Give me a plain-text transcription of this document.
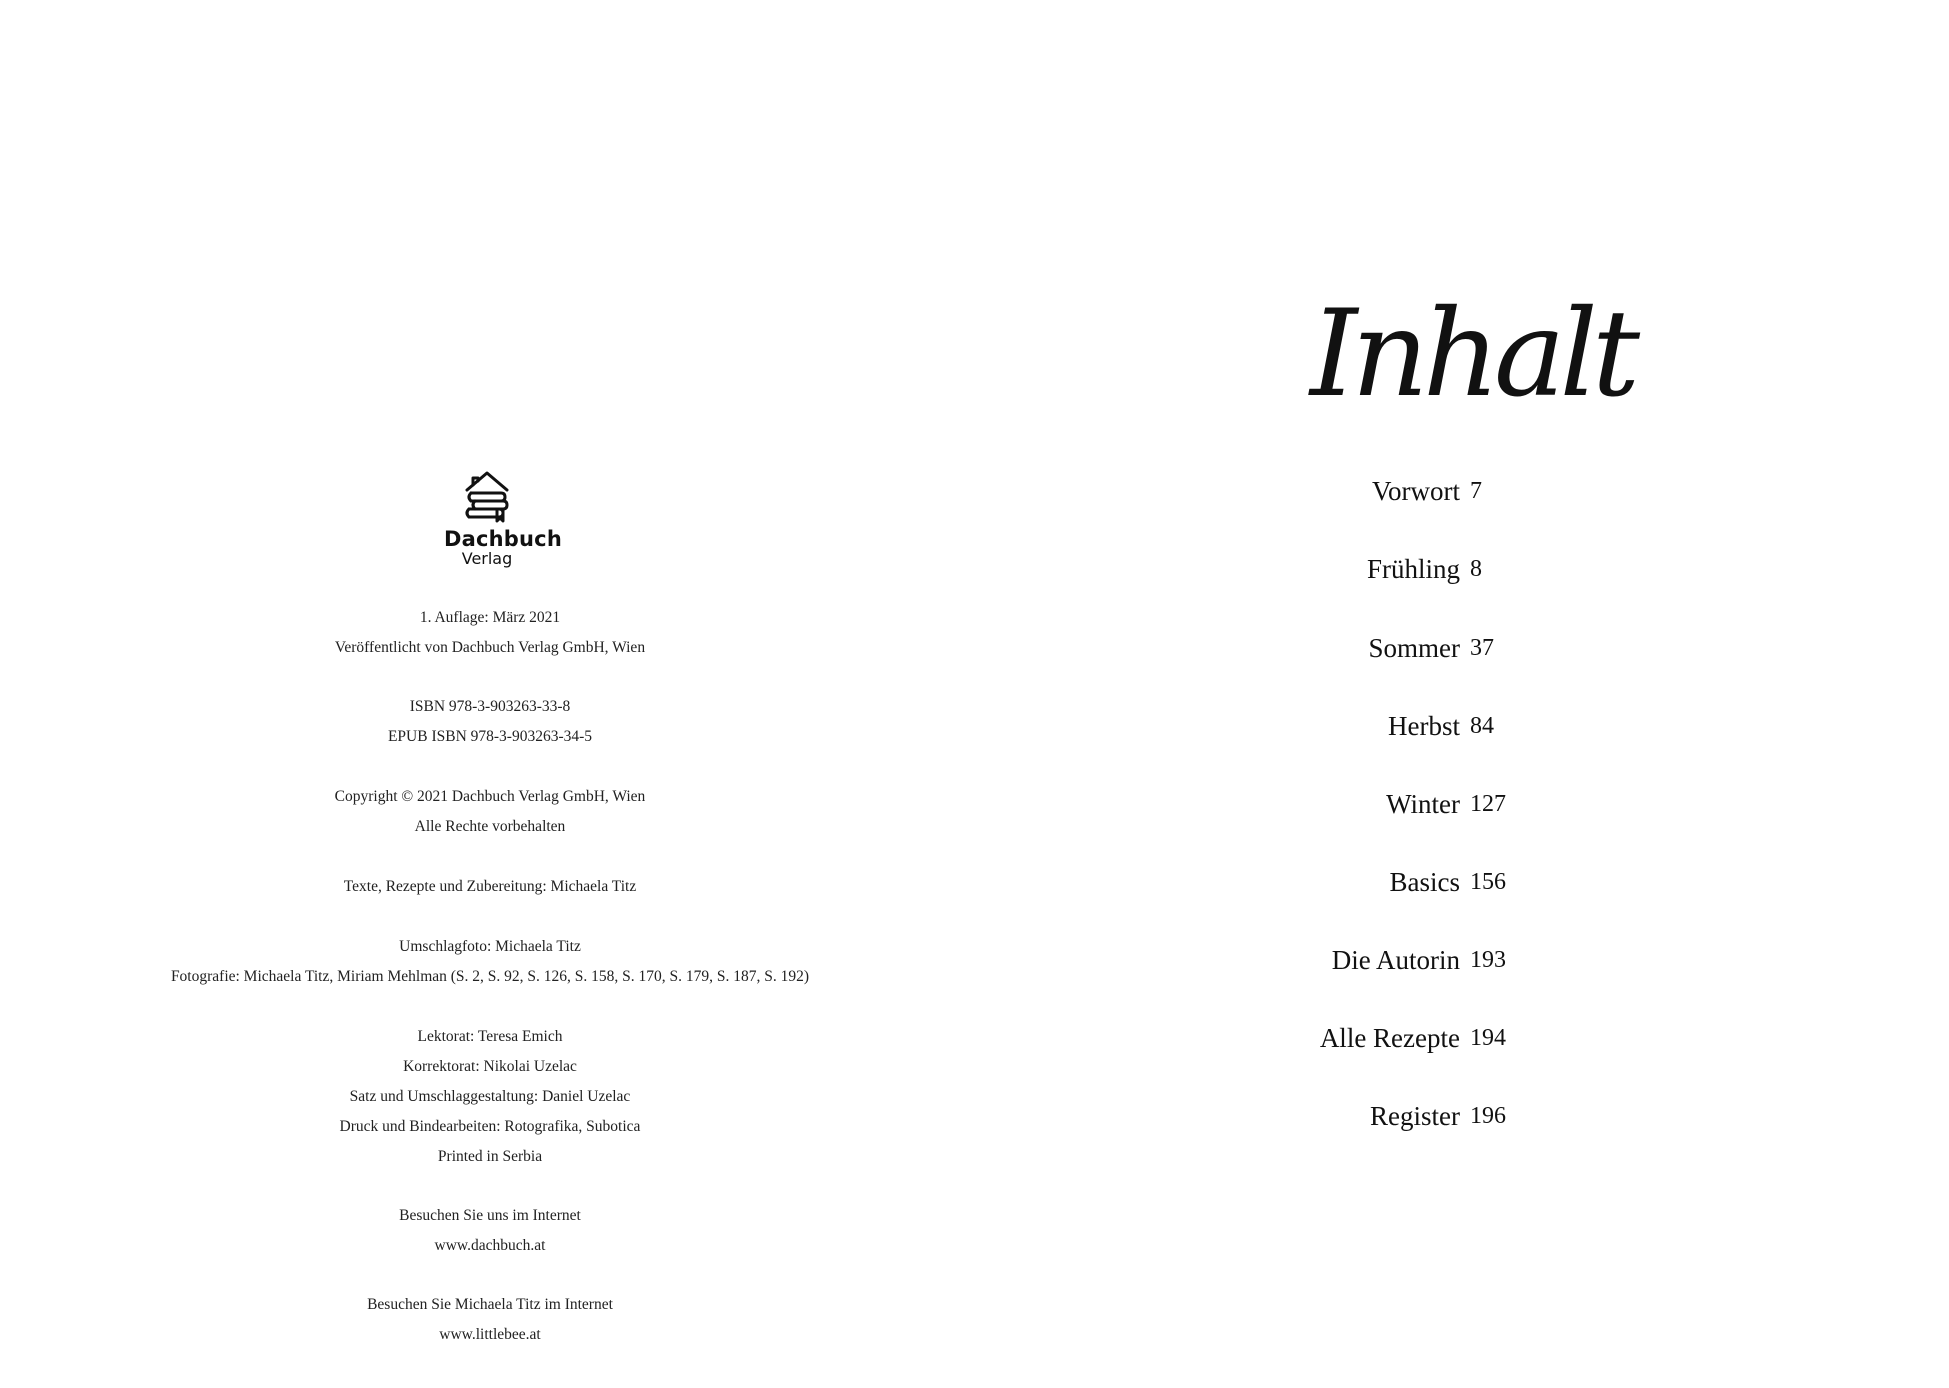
Dachbuch
Verlag
1. Auflage: März 2021
Veröffentlicht von Dachbuch Verlag GmbH, Wien
ISBN 978-3-903263-33-8
EPUB ISBN 978-3-903263-34-5
Copyright © 2021 Dachbuch Verlag GmbH, Wien
Alle Rechte vorbehalten
Texte, Rezepte und Zubereitung: Michaela Titz
Umschlagfoto: Michaela Titz
Fotografie: Michaela Titz, Miriam Mehlman (S. 2, S. 92, S. 126, S. 158, S. 170, S. 179, S. 187, S. 192)
Lektorat: Teresa Emich
Korrektorat: Nikolai Uzelac
Satz und Umschlaggestaltung: Daniel Uzelac
Druck und Bindearbeiten: Rotografika, Subotica
Printed in Serbia
Besuchen Sie uns im Internet
www.dachbuch.at
Besuchen Sie Michaela Titz im Internet
www.littlebee.at
Inhalt
Vorwort 7
Frühling 8
Sommer 37
Herbst 84
Winter 127
Basics 156
Die Autorin 193
Alle Rezepte 194
Register 196
